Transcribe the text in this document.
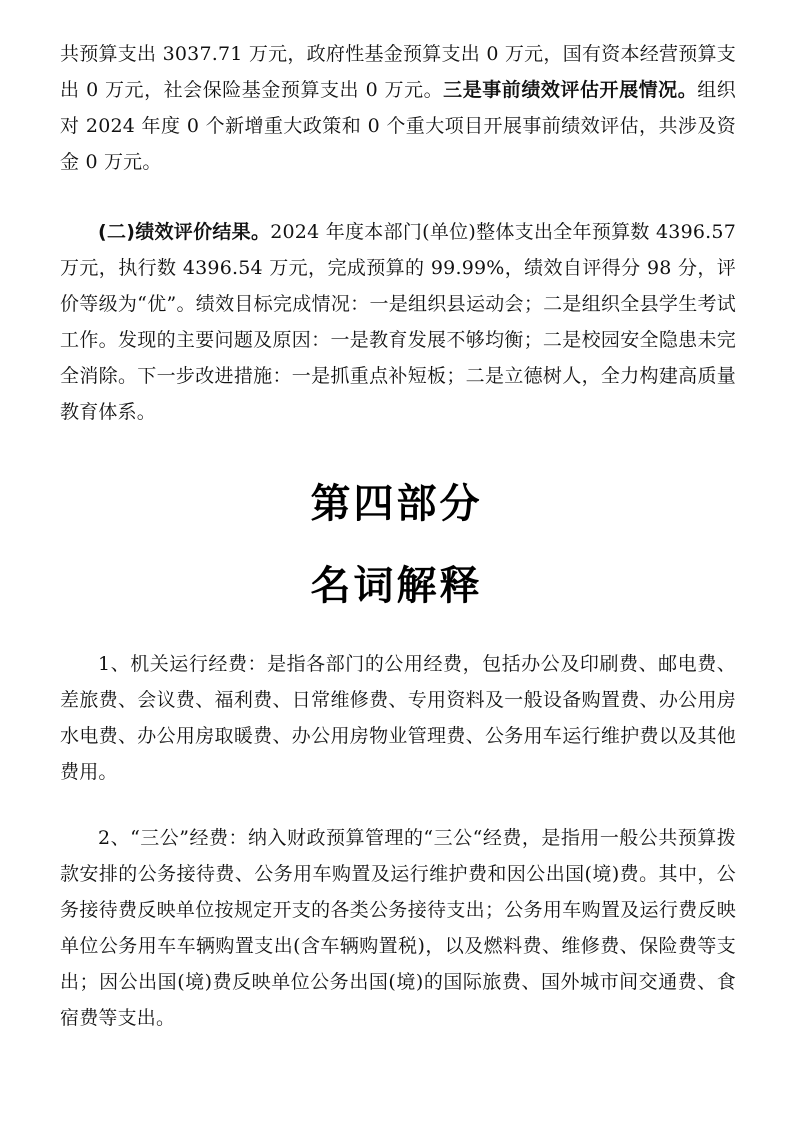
共预算支出 3037.71 万元，政府性基金预算支出 0 万元，国有资本经营预算支出 0 万元，社会保险基金预算支出 0 万元。三是事前绩效评估开展情况。组织对 2024 年度 0 个新增重大政策和 0 个重大项目开展事前绩效评估，共涉及资金 0 万元。

(二)绩效评价结果。2024 年度本部门(单位)整体支出全年预算数 4396.57 万元，执行数 4396.54 万元，完成预算的 99.99%，绩效自评得分 98 分，评价等级为“优”。绩效目标完成情况：一是组织县运动会；二是组织全县学生考试工作。发现的主要问题及原因：一是教育发展不够均衡；二是校园安全隐患未完全消除。下一步改进措施：一是抓重点补短板；二是立德树人，全力构建高质量教育体系。

第四部分
名词解释

1、机关运行经费：是指各部门的公用经费，包括办公及印刷费、邮电费、差旅费、会议费、福利费、日常维修费、专用资料及一般设备购置费、办公用房水电费、办公用房取暖费、办公用房物业管理费、公务用车运行维护费以及其他费用。

2、“三公”经费：纳入财政预算管理的“三公“经费，是指用一般公共预算拨款安排的公务接待费、公务用车购置及运行维护费和因公出国(境)费。其中，公务接待费反映单位按规定开支的各类公务接待支出；公务用车购置及运行费反映单位公务用车车辆购置支出(含车辆购置税)，以及燃料费、维修费、保险费等支出；因公出国(境)费反映单位公务出国(境)的国际旅费、国外城市间交通费、食宿费等支出。
